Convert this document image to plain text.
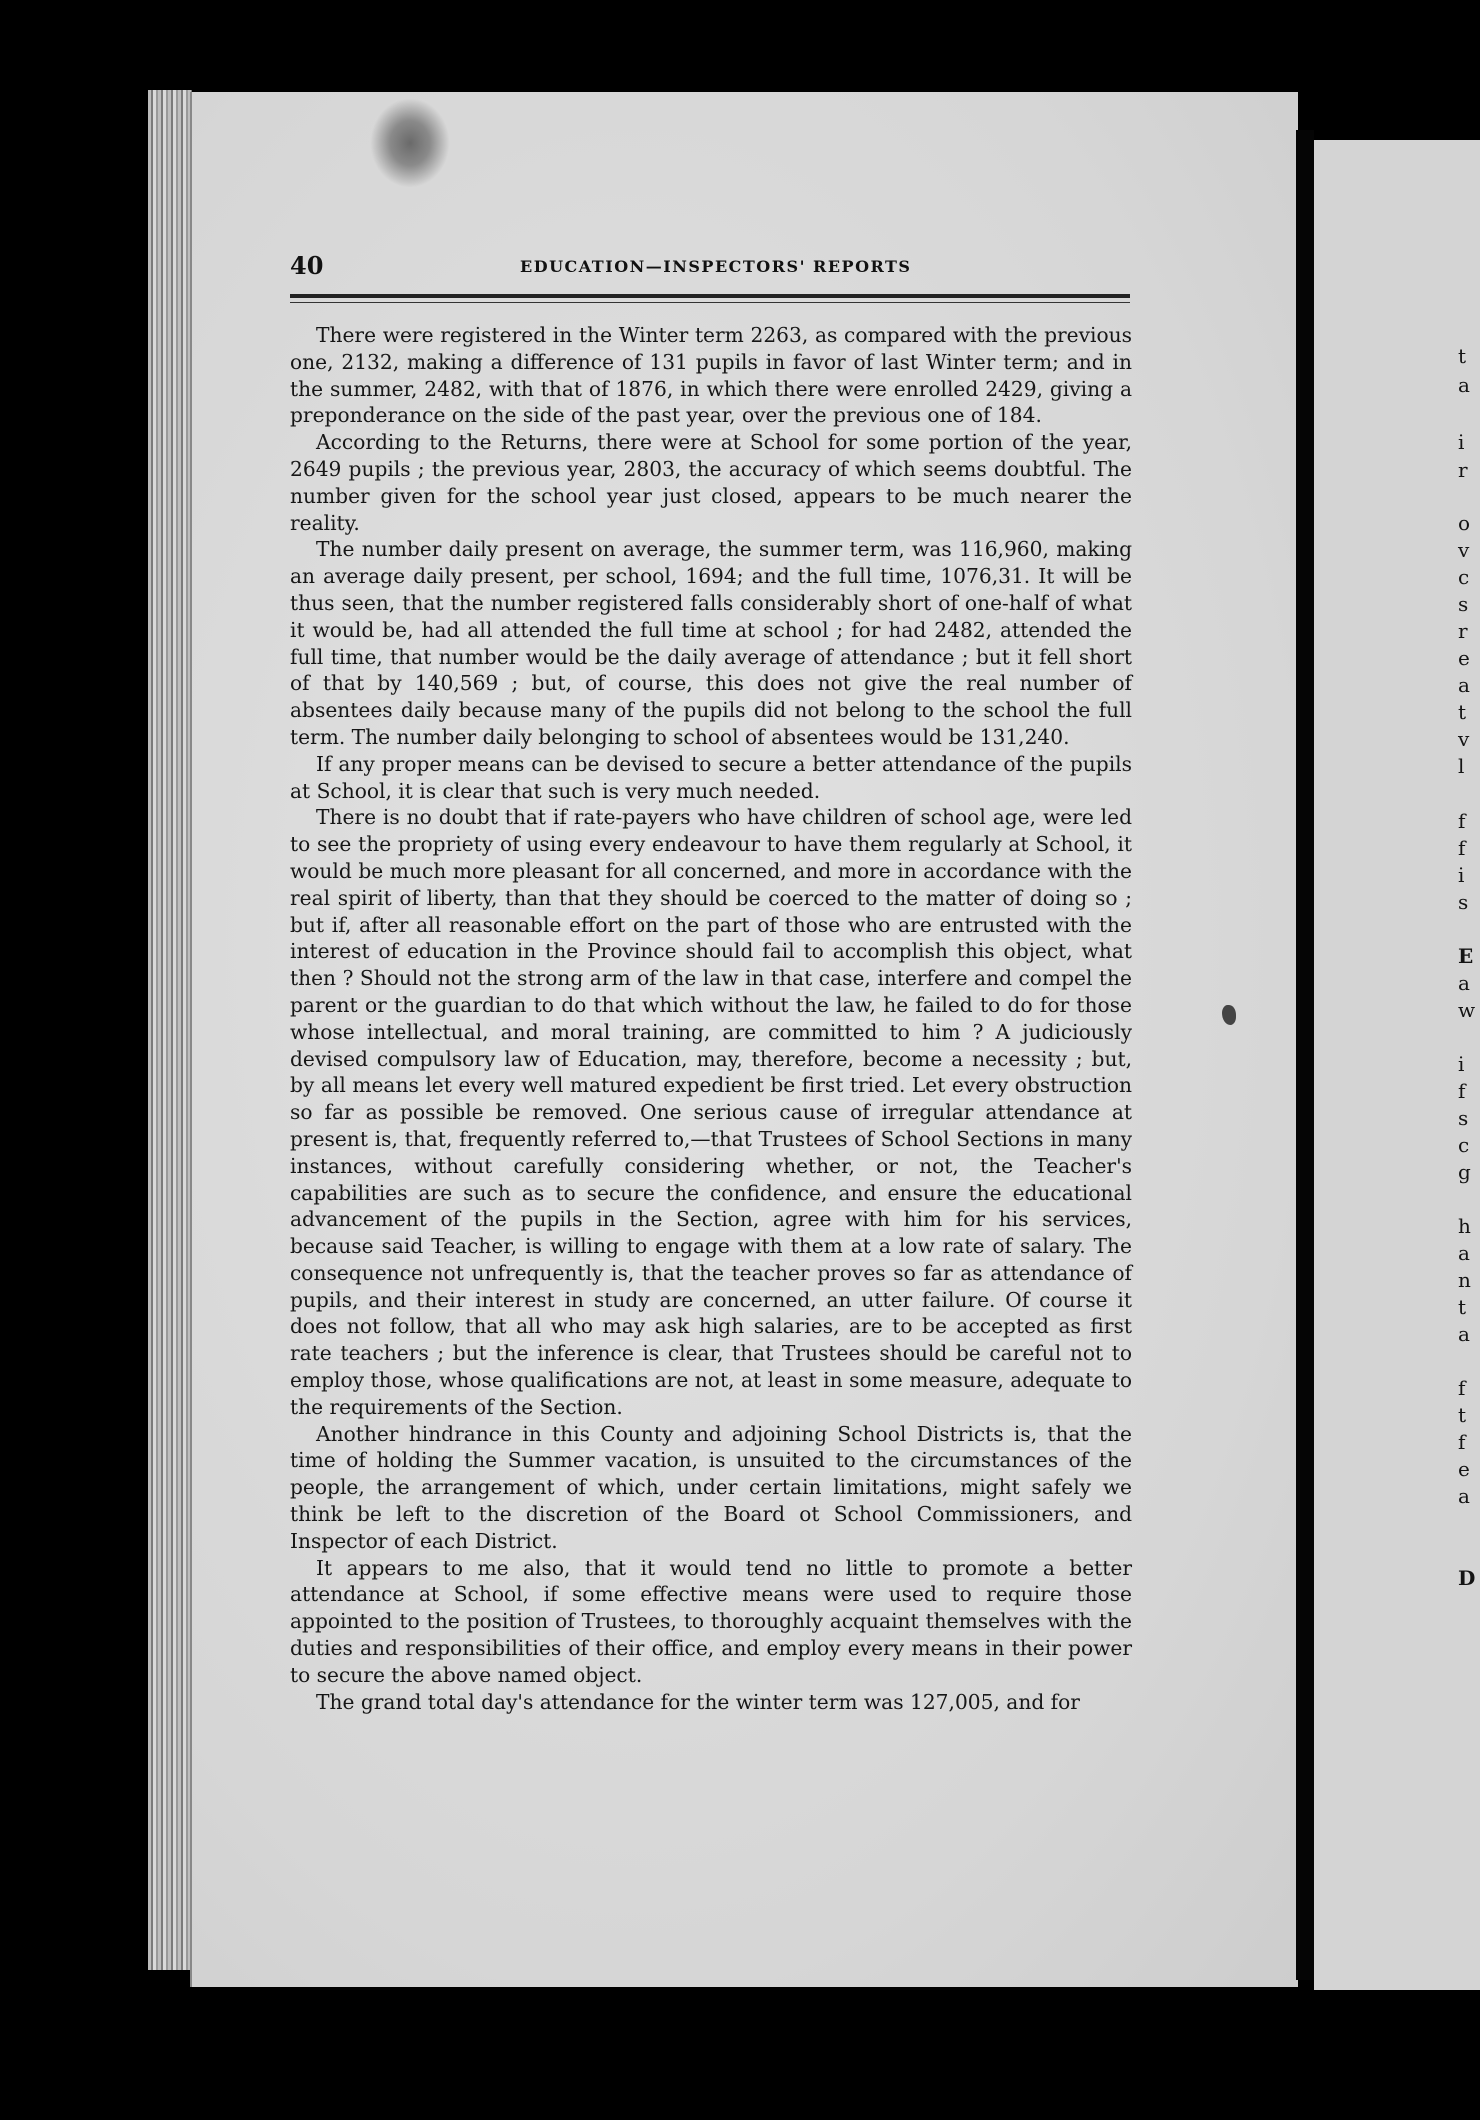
40	EDUCATION—INSPECTORS' REPORTS

There were registered in the Winter term 2263, as compared with the previous one, 2132, making a difference of 131 pupils in favor of last Winter term; and in the summer, 2482, with that of 1876, in which there were enrolled 2429, giving a preponderance on the side of the past year, over the previous one of 184.

According to the Returns, there were at School for some portion of the year, 2649 pupils ; the previous year, 2803, the accuracy of which seems doubtful. The number given for the school year just closed, appears to be much nearer the reality.

The number daily present on average, the summer term, was 116,960, making an average daily present, per school, 1694; and the full time, 1076,31. It will be thus seen, that the number registered falls considerably short of one-half of what it would be, had all attended the full time at school ; for had 2482, attended the full time, that number would be the daily average of attendance ; but it fell short of that by 140,569 ; but, of course, this does not give the real number of absentees daily because many of the pupils did not belong to the school the full term. The number daily belonging to school of absentees would be 131,240.

If any proper means can be devised to secure a better attendance of the pupils at School, it is clear that such is very much needed.

There is no doubt that if rate-payers who have children of school age, were led to see the propriety of using every endeavour to have them regularly at School, it would be much more pleasant for all concerned, and more in accordance with the real spirit of liberty, than that they should be coerced to the matter of doing so ; but if, after all reasonable effort on the part of those who are entrusted with the interest of education in the Province should fail to accomplish this object, what then ? Should not the strong arm of the law in that case, interfere and compel the parent or the guardian to do that which without the law, he failed to do for those whose intellectual, and moral training, are committed to him ? A judiciously devised compulsory law of Education, may, therefore, become a necessity ; but, by all means let every well matured expedient be first tried. Let every obstruction so far as possible be removed. One serious cause of irregular attendance at present is, that, frequently referred to,—that Trustees of School Sections in many instances, without carefully considering whether, or not, the Teacher's capabilities are such as to secure the confidence, and ensure the educational advancement of the pupils in the Section, agree with him for his services, because said Teacher, is willing to engage with them at a low rate of salary. The consequence not unfrequently is, that the teacher proves so far as attendance of pupils, and their interest in study are concerned, an utter failure. Of course it does not follow, that all who may ask high salaries, are to be accepted as first rate teachers ; but the inference is clear, that Trustees should be careful not to employ those, whose qualifications are not, at least in some measure, adequate to the requirements of the Section.

Another hindrance in this County and adjoining School Districts is, that the time of holding the Summer vacation, is unsuited to the circumstances of the people, the arrangement of which, under certain limitations, might safely we think be left to the discretion of the Board ot School Commissioners, and Inspector of each District.

It appears to me also, that it would tend no little to promote a better attendance at School, if some effective means were used to require those appointed to the position of Trustees, to thoroughly acquaint themselves with the duties and responsibilities of their office, and employ every means in their power to secure the above named object.

The grand total day's attendance for the winter term was 127,005, and for

t
a
i
r
o
v
c
s
r
e
a
t
v
l
f
f
i
s
E
a
w
i
f
s
c
g
h
a
n
t
a
f
t
f
e
a
D
